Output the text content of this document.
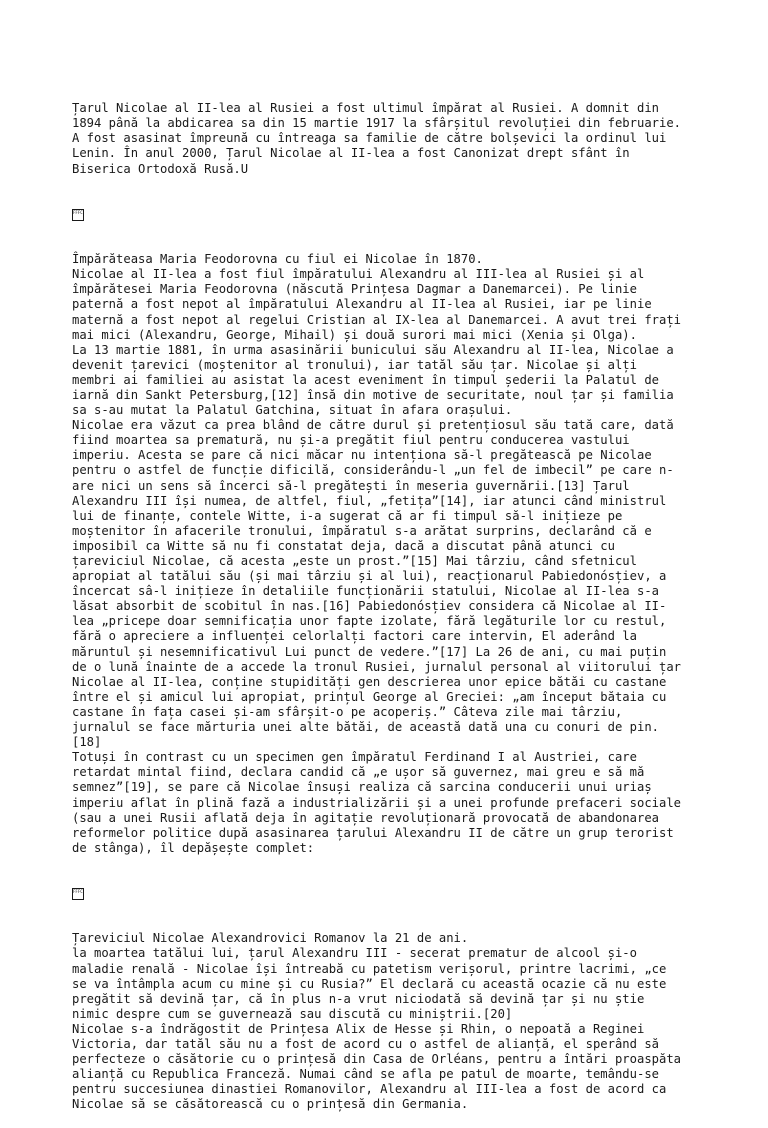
Țarul Nicolae al II-lea al Rusiei a fost ultimul împărat al Rusiei. A domnit din
1894 până la abdicarea sa din 15 martie 1917 la sfârșitul revoluției din februarie.
A fost asasinat împreună cu întreaga sa familie de către bolșevici la ordinul lui
Lenin. În anul 2000, Țarul Nicolae al II-lea a fost Canonizat drept sfânt în
Biserica Ortodoxă Rusă.U

FFFC

Împărăteasa Maria Feodorovna cu fiul ei Nicolae în 1870.
Nicolae al II-lea a fost fiul împăratului Alexandru al III-lea al Rusiei și al
împărătesei Maria Feodorovna (născută Prințesa Dagmar a Danemarcei). Pe linie
paternă a fost nepot al împăratului Alexandru al II-lea al Rusiei, iar pe linie
maternă a fost nepot al regelui Cristian al IX-lea al Danemarcei. A avut trei frați
mai mici (Alexandru, George, Mihail) și două surori mai mici (Xenia și Olga).
La 13 martie 1881, în urma asasinării bunicului său Alexandru al II-lea, Nicolae a
devenit țarevici (moștenitor al tronului), iar tatăl său țar. Nicolae și alți
membri ai familiei au asistat la acest eveniment în timpul șederii la Palatul de
iarnă din Sankt Petersburg,[12] însă din motive de securitate, noul țar și familia
sa s-au mutat la Palatul Gatchina, situat în afara orașului.
Nicolae era văzut ca prea blând de către durul și pretențiosul său tată care, dată
fiind moartea sa prematură, nu și-a pregătit fiul pentru conducerea vastului
imperiu. Acesta se pare că nici măcar nu intenționa să-l pregătească pe Nicolae
pentru o astfel de funcție dificilă, considerându-l „un fel de imbecil” pe care n-
are nici un sens să încerci să-l pregătești în meseria guvernării.[13] Țarul
Alexandru III își numea, de altfel, fiul, „fetița”[14], iar atunci când ministrul
lui de finanțe, contele Witte, i-a sugerat că ar fi timpul să-l inițieze pe
moștenitor în afacerile tronului, împăratul s-a arătat surprins, declarând că e
imposibil ca Witte să nu fi constatat deja, dacă a discutat până atunci cu
țareviciul Nicolae, că acesta „este un prost.”[15] Mai târziu, când sfetnicul
apropiat al tatălui său (și mai târziu și al lui), reacționarul Pabiedonósțiev, a
încercat sâ-l inițieze în detaliile funcționării statului, Nicolae al II-lea s-a
lăsat absorbit de scobitul în nas.[16] Pabiedonósțiev considera că Nicolae al II-
lea „pricepe doar semnificația unor fapte izolate, fără legăturile lor cu restul,
fără o apreciere a influenței celorlalți factori care intervin, El aderând la
măruntul și nesemnificativul Lui punct de vedere.”[17] La 26 de ani, cu mai puțin
de o lună înainte de a accede la tronul Rusiei, jurnalul personal al viitorului țar
Nicolae al II-lea, conține stupidități gen descrierea unor epice bătăi cu castane
între el și amicul lui apropiat, prințul George al Greciei: „am început bătaia cu
castane în fața casei și-am sfârșit-o pe acoperiș.” Câteva zile mai târziu,
jurnalul se face mărturia unei alte bătăi, de această dată una cu conuri de pin.
[18]
Totuși în contrast cu un specimen gen împăratul Ferdinand I al Austriei, care
retardat mintal fiind, declara candid că „e ușor să guvernez, mai greu e să mă
semnez”[19], se pare că Nicolae însuși realiza că sarcina conducerii unui uriaș
imperiu aflat în plină fază a industrializării și a unei profunde prefaceri sociale
(sau a unei Rusii aflată deja în agitație revoluționară provocată de abandonarea
reformelor politice după asasinarea țarului Alexandru II de către un grup terorist
de stânga), îl depășește complet:

FFFC

Țareviciul Nicolae Alexandrovici Romanov la 21 de ani.
la moartea tatălui lui, țarul Alexandru III - secerat prematur de alcool și-o
maladie renală - Nicolae își întreabă cu patetism verișorul, printre lacrimi, „ce
se va întâmpla acum cu mine și cu Rusia?” El declară cu această ocazie că nu este
pregătit să devină țar, că în plus n-a vrut niciodată să devină țar și nu știe
nimic despre cum se guvernează sau discută cu miniștrii.[20]
Nicolae s-a îndrăgostit de Prințesa Alix de Hesse și Rhin, o nepoată a Reginei
Victoria, dar tatăl său nu a fost de acord cu o astfel de alianță, el sperând să
perfecteze o căsătorie cu o prințesă din Casa de Orléans, pentru a întări proaspăta
alianță cu Republica Franceză. Numai când se afla pe patul de moarte, temându-se
pentru succesiunea dinastiei Romanovilor, Alexandru al III-lea a fost de acord ca
Nicolae să se căsătorească cu o prințesă din Germania.
